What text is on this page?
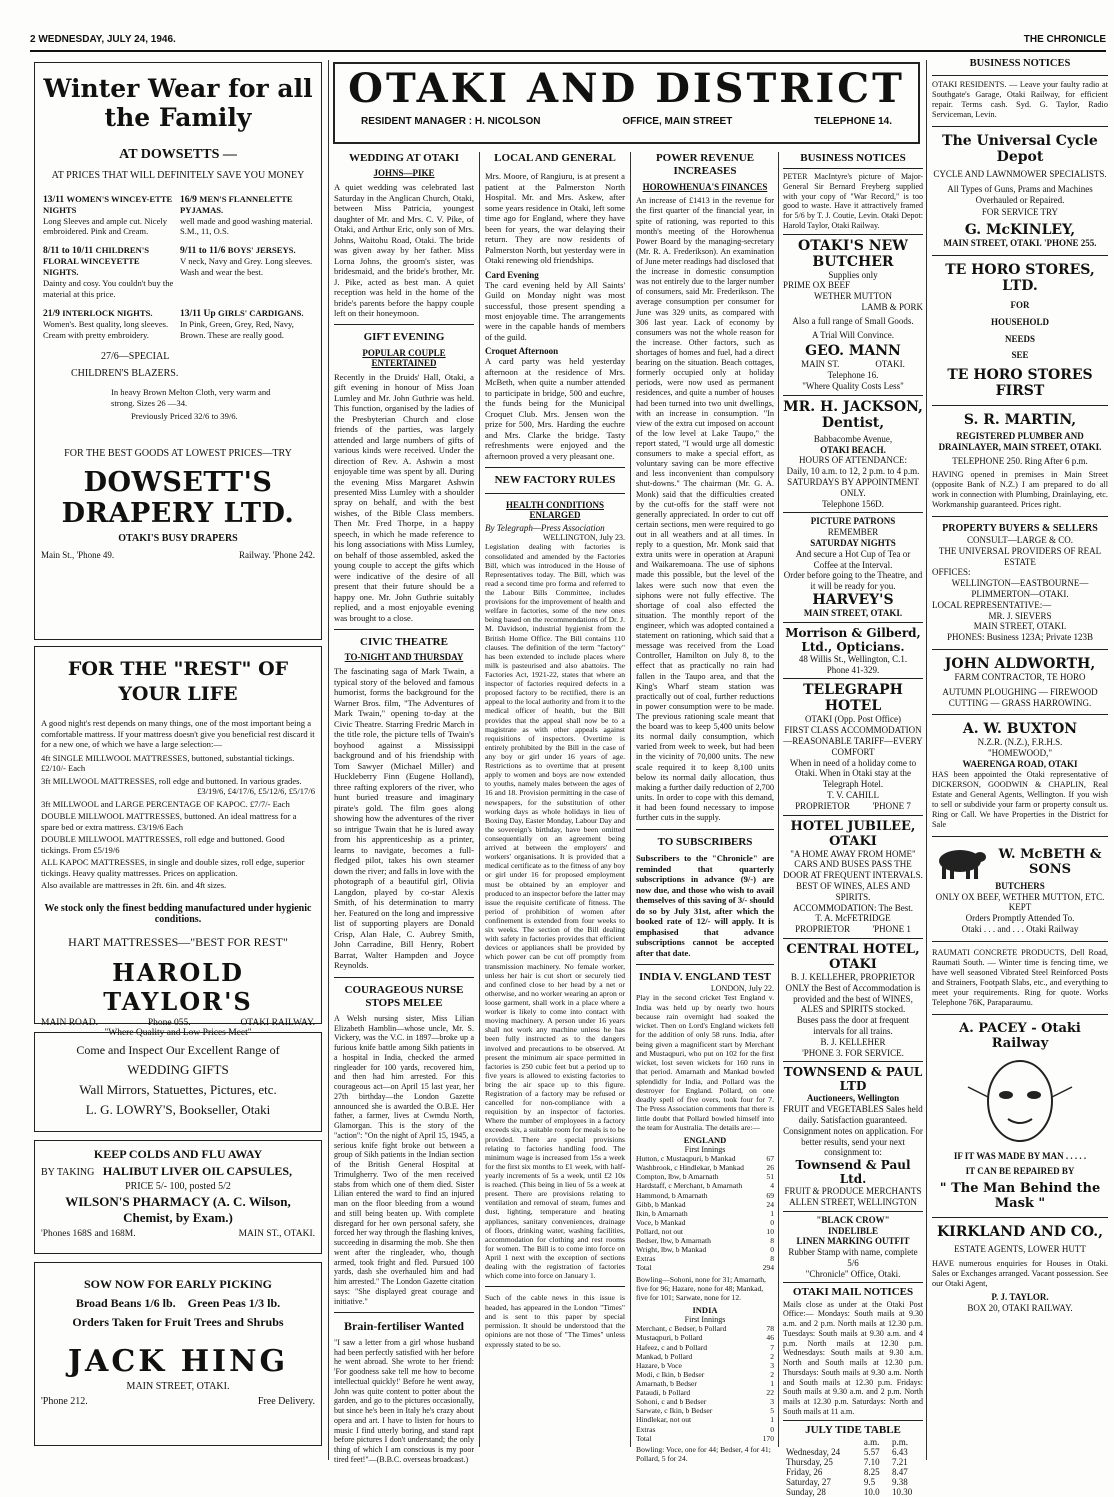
2 WEDNESDAY, JULY 24, 1946.	THE CHRONICLE
Winter Wear for all the Family
AT DOWSETTS —
AT PRICES THAT WILL DEFINITELY SAVE YOU MONEY
13/11 WOMEN'S WINCEY-ETTE NIGHTS
Long Sleeves and ample cut. Nicely embroidered. Pink and Cream.	16/9 MEN'S FLANNELETTE PYJAMAS.
well made and good washing material. S.M., 11, O.S.

8/11 to 10/11 CHILDREN'S FLORAL WINCEYETTE NIGHTS.
Dainty and cosy. You couldn't buy the material at this price.	9/11 to 11/6 BOYS' JERSEYS.
V neck, Navy and Grey. Long sleeves. Wash and wear the best.

21/9 INTERLOCK NIGHTS.
Women's. Best quality, long sleeves. Cream with pretty embroidery.	13/11 Up GIRLS' CARDIGANS.
In Pink, Green, Grey, Red, Navy, Brown. These are really good.
27/6—SPECIAL
CHILDREN'S BLAZERS.
In heavy Brown Melton Cloth, very warm and strong. Sizes 26 —34.
Previously Priced 32/6 to 39/6.
FOR THE BEST GOODS AT LOWEST PRICES—TRY
DOWSETT'S DRAPERY LTD.
OTAKI'S BUSY DRAPERS
Main St., 'Phone 49.	Railway. 'Phone 242.
FOR THE "REST" OF YOUR LIFE

A good night's rest depends on many things, one of the most important being a comfortable mattress. If your mattress doesn't give you beneficial rest discard it for a new one, of which we have a large selection:—

4ft SINGLE MILLWOOL MATTRESSES, buttoned, substantial tickings. £2/10/- Each

3ft MILLWOOL MATTRESSES, roll edge and buttoned. In various grades.

£3/19/6, £4/17/6, £5/12/6, £5/17/6

3ft MILLWOOL and LARGE PERCENTAGE OF KAPOC. £7/7/- Each

DOUBLE MILLWOOL MATTRESSES, buttoned. An ideal mattress for a spare bed or extra mattress. £3/19/6 Each

DOUBLE MILLWOOL MATTRESSES, roll edge and buttoned. Good tickings. From £5/19/6

ALL KAPOC MATTRESSES, in single and double sizes, roll edge, superior tickings. Heavy quality mattresses. Prices on application.

Also available are mattresses in 2ft. 6in. and 4ft sizes.

We stock only the finest bedding manufactured under hygienic conditions.
HART MATTRESSES—"BEST FOR REST"
HAROLD TAYLOR'S
MAIN ROAD.	Phone 055.	OTAKI RAILWAY.
"Where Quality and Low Prices Meet"
Come and Inspect Our Excellent Range of
WEDDING GIFTS
Wall Mirrors, Statuettes, Pictures, etc.
L. G. LOWRY'S, Bookseller, Otaki
KEEP COLDS AND FLU AWAY
BY TAKING HALIBUT LIVER OIL CAPSULES,
PRICE 5/- 100, posted 5/2
WILSON'S PHARMACY (A. C. Wilson, Chemist, by Exam.)
'Phones 168S and 168M.	MAIN ST., OTAKI.
SOW NOW FOR EARLY PICKING
Broad Beans 1/6 lb.    Green Peas 1/3 lb.
Orders Taken for Fruit Trees and Shrubs
JACK HING
MAIN STREET, OTAKI.
'Phone 212.	Free Delivery.
OTAKI AND DISTRICT
RESIDENT MANAGER : H. NICOLSON	OFFICE, MAIN STREET	TELEPHONE 14.
WEDDING AT OTAKI
JOHNS—PIKE

A quiet wedding was celebrated last Saturday in the Anglican Church, Otaki, between Miss Patricia, youngest daughter of Mr. and Mrs. C. V. Pike, of Otaki, and Arthur Eric, only son of Mrs. Johns, Waitohu Road, Otaki. The bride was given away by her father. Miss Lorna Johns, the groom's sister, was bridesmaid, and the bride's brother, Mr. J. Pike, acted as best man. A quiet reception was held in the home of the bride's parents before the happy couple left on their honeymoon.

GIFT EVENING
POPULAR COUPLE ENTERTAINED

Recently in the Druids' Hall, Otaki, a gift evening in honour of Miss Joan Lumley and Mr. John Guthrie was held. This function, organised by the ladies of the Presbyterian Church and close friends of the parties, was largely attended and large numbers of gifts of various kinds were received. Under the direction of Rev. A. Ashwin a most enjoyable time was spent by all. During the evening Miss Margaret Ashwin presented Miss Lumley with a shoulder spray on behalf, and with the best wishes, of the Bible Class members. Then Mr. Fred Thorpe, in a happy speech, in which he made reference to his long associations with Miss Lumley, on behalf of those assembled, asked the young couple to accept the gifts which were indicative of the desire of all present that their future should be a happy one. Mr. John Guthrie suitably replied, and a most enjoyable evening was brought to a close.

CIVIC THEATRE
TO-NIGHT AND THURSDAY

The fascinating saga of Mark Twain, a typical story of the beloved and famous humorist, forms the background for the Warner Bros. film, "The Adventures of Mark Twain," opening to-day at the Civic Theatre. Starring Fredric March in the title role, the picture tells of Twain's boyhood against a Mississippi background and of his friendship with Tom Sawyer (Michael Miller) and Huckleberry Finn (Eugene Holland), three rafting explorers of the river, who hunt buried treasure and imaginary pirate's gold. The film goes along showing how the adventures of the river so intrigue Twain that he is lured away from his apprenticeship as a printer, learns to navigate, becomes a full-fledged pilot, takes his own steamer down the river; and falls in love with the photograph of a beautiful girl, Olivia Langdon, played by co-star Alexis Smith, of his determination to marry her. Featured on the long and impressive list of supporting players are Donald Crisp, Alan Hale, C. Aubrey Smith, John Carradine, Bill Henry, Robert Barrat, Walter Hampden and Joyce Reynolds.

COURAGEOUS NURSE STOPS MELEE

A Welsh nursing sister, Miss Lilian Elizabeth Hamblin—whose uncle, Mr. S. Vickery, was the V.C. in 1897—broke up a furious knife battle among Sikh patients in a hospital in India, checked the armed ringleader for 100 yards, recovered him, and then had him arrested. For this courageous act—on April 15 last year, her 27th birthday—the London Gazette announced she is awarded the O.B.E. Her father, a farmer, lives at Cwmdu North, Glamorgan. This is the story of the "action": "On the night of April 15, 1945, a serious knife fight broke out between a group of Sikh patients in the Indian section of the British General Hospital at Trimulgherry. Two of the men received stabs from which one of them died. Sister Lilian entered the ward to find an injured man on the floor bleeding from a wound and still being beaten up. With complete disregard for her own personal safety, she forced her way through the flashing knives, succeeding in disarming the mob. She then went after the ringleader, who, though armed, took fright and fled. Pursued 100 yards, dash she overhauled him and had him arrested." The London Gazette citation says: "She displayed great courage and initiative."

Brain-fertiliser Wanted

"I saw a letter from a girl whose husband had been perfectly satisfied with her before he went abroad. She wrote to her friend: 'For goodness sake tell me how to become intellectual quickly!' Before he went away, John was quite content to potter about the garden, and go to the pictures occasionally, but since he's been in Italy he's crazy about opera and art. I have to listen for hours to music I find utterly boring, and stand rapt before pictures I don't understand; the only thing of which I am conscious is my poor tired feet!"—(B.B.C. overseas broadcast.)

LOCAL AND GENERAL

Mrs. Moore, of Rangiuru, is at present a patient at the Palmerston North Hospital. Mr. and Mrs. Askew, after some years residence in Otaki, left some time ago for England, where they have been for years, the war delaying their return. They are now residents of Palmerston North, but yesterday were in Otaki renewing old friendships.

Card Evening

The card evening held by All Saints' Guild on Monday night was most successful, those present spending a most enjoyable time. The arrangements were in the capable hands of members of the guild.

Croquet Afternoon

A card party was held yesterday afternoon at the residence of Mrs. McBeth, when quite a number attended to participate in bridge, 500 and euchre, the funds being for the Municipal Croquet Club. Mrs. Jensen won the prize for 500, Mrs. Harding the euchre and Mrs. Clarke the bridge. Tasty refreshments were enjoyed and the afternoon proved a very pleasant one.

NEW FACTORY RULES
HEALTH CONDITIONS ENLARGED
By Telegraph—Press Association
WELLINGTON, July 23.

Legislation dealing with factories is consolidated and amended by the Factories Bill, which was introduced in the House of Representatives today. The Bill, which was read a second time pro forma and referred to the Labour Bills Committee, includes provisions for the improvement of health and welfare in factories, some of the new ones being based on the recommendations of Dr. J. M. Davidson, industrial hygienist from the British Home Office. The Bill contains 110 clauses. The definition of the term "factory" has been extended to include places where milk is pasteurised and also abattoirs. The Factories Act, 1921-22, states that where an inspector of factories required defects in a proposed factory to be rectified, there is an appeal to the local authority and from it to the medical officer of health, but the Bill provides that the appeal shall now be to a magistrate as with other appeals against requisitions of inspectors. Overtime is entirely prohibited by the Bill in the case of any boy or girl under 16 years of age. Restrictions as to overtime that at present apply to women and boys are now extended to youths, namely males between the ages of 16 and 18. Provision permitting in the case of newspapers, for the substitution of other working days as whole holidays in lieu of Boxing Day, Easter Monday, Labour Day and the sovereign's birthday, have been omitted consequentially on an agreement being arrived at between the employers' and workers' organisations. It is provided that a medical certificate as to the fitness of any boy or girl under 16 for proposed employment must be obtained by an employer and produced to an inspector before the latter may issue the requisite certificate of fitness. The period of prohibition of women after confinement is extended from four weeks to six weeks. The section of the Bill dealing with safety in factories provides that efficient devices or appliances shall be provided by which power can be cut off promptly from transmission machinery. No female worker, unless her hair is cut short or securely tied and confined close to her head by a net or otherwise, and no worker wearing an apron or loose garment, shall work in a place where a worker is likely to come into contact with moving machinery. A person under 16 years shall not work any machine unless he has been fully instructed as to the dangers involved and precautions to be observed. At present the minimum air space permitted in factories is 250 cubic feet but a period up to five years is allowed to existing factories to bring the air space up to this figure. Registration of a factory may be refused or cancelled for non-compliance with a requisition by an inspector of factories. Where the number of employees in a factory exceeds six, a suitable room for meals is to be provided. There are special provisions relating to factories handling food. The minimum wage is increased from 15s a week for the first six months to £1 week, with half-yearly increments of 5s a week, until £2 10s is reached. (This being in lieu of 5s a week at present. There are provisions relating to ventilation and removal of steam, fumes and dust, lighting, temperature and heating appliances, sanitary conveniences, drainage of floors, drinking water, washing facilities, accommodation for clothing and rest rooms for women. The Bill is to come into force on April 1 next with the exception of sections dealing with the registration of factories which come into force on January 1.

Such of the cable news in this issue is headed, has appeared in the London "Times" and is sent to this paper by special permission. It should be understood that the opinions are not those of "The Times" unless expressly stated to be so.

POWER REVENUE INCREASES
HOROWHENUA'S FINANCES

An increase of £1413 in the revenue for the first quarter of the financial year, in spite of rationing, was reported to this month's meeting of the Horowhenua Power Board by the managing-secretary (Mr. R. A. Frederikson). An examination of June meter readings had disclosed that the increase in domestic consumption was not entirely due to the larger number of consumers, said Mr. Frederikson. The average consumption per consumer for June was 329 units, as compared with 306 last year. Lack of economy by consumers was not the whole reason for the increase. Other factors, such as shortages of homes and fuel, had a direct bearing on the situation. Beach cottages, formerly occupied only at holiday periods, were now used as permanent residences, and quite a number of houses had been turned into two unit dwellings, with an increase in consumption. "In view of the extra cut imposed on account of the low level at Lake Taupo," the report stated, "I would urge all domestic consumers to make a special effort, as voluntary saving can be more effective and less inconvenient than compulsory shut-downs." The chairman (Mr. G. A. Monk) said that the difficulties created by the cut-offs for the staff were not generally appreciated. In order to cut off certain sections, men were required to go out in all weathers and at all times. In reply to a question, Mr. Monk said that extra units were in operation at Arapuni and Waikaremoana. The use of siphons made this possible, but the level of the lakes were such now that even the siphons were not fully effective. The shortage of coal also effected the situation. The monthly report of the engineer, which was adopted contained a statement on rationing, which said that a message was received from the Load Controller, Hamilton on July 8, to the effect that as practically no rain had fallen in the Taupo area, and that the King's Wharf steam station was practically out of coal, further reductions in power consumption were to be made. The previous rationing scale meant that the board was to keep 5,400 units below its normal daily consumption, which varied from week to week, but had been in the vicinity of 70,000 units. The new scale required it to keep 8,100 units below its normal daily allocation, thus making a further daily reduction of 2,700 units. In order to cope with this demand, it had been found necessary to impose further cuts in the supply.

TO SUBSCRIBERS

Subscribers to the "Chronicle" are reminded that quarterly subscriptions in advance (9/-) are now due, and those who wish to avail themselves of this saving of 3/- should do so by July 31st, after which the booked rate of 12/- will apply. It is emphasised that advance subscriptions cannot be accepted after that date.

INDIA V. ENGLAND TEST
LONDON, July 22.

Play in the second cricket Test England v. India was held up by nearly two hours because rain overnight had soaked the wicket. Then on Lord's England wickets fell for the addition of only 58 runs. India, after being given a magnificent start by Merchant and Mustaqpuri, who put on 102 for the first wicket, lost seven wickets for 160 runs in that period. Amarnath and Mankad bowled splendidly for India, and Pollard was the destroyer for England. Pollard, on one deadly spell of five overs, took four for 7. The Press Association comments that there is little doubt that Pollard bowled himself into the team for Australia. The details are:—

ENGLAND
First Innings
Hutton, c Mustaqpuri, b Mankad	67
Washbrook, c Hindlekar, b Mankad	26
Compton, lbw, b Amarnath	51
Hardstaff, c Merchant, b Amarnath	4
Hammond, b Amarnath	69
Gibb, b Mankad	24
Ikin, b Amarnath	1
Voce, b Mankad	0
Pollard, not out	10
Bedser, lbw, b Amarnath	8
Wright, lbw, b Mankad	0
Extras	8
Total	294

Bowling—Sohoni, none for 31; Amarnath, five for 96; Hazare, none for 48; Mankad, five for 101; Sarwate, none for 12.

INDIA
First Innings
Merchant, c Bedser, b Pollard	78
Mustaqpuri, b Pollard	46
Hafeez, c and b Pollard	7
Mankad, b Pollard	2
Hazare, b Voce	3
Modi, c Ikin, b Bedser	2
Amarnath, b Bedser	1
Pataudi, b Pollard	22
Sohoni, c and b Bedser	3
Sarwate, c Ikin, b Bedser	5
Hindlekar, not out	1
Extras	0
Total	170

Bowling: Voce, one for 44; Bedser, 4 for 41; Pollard, 5 for 24.

BUSINESS NOTICES

PETER MacIntyre's picture of Major-General Sir Bernard Freyberg supplied with your copy of "War Record," is too good to waste. Have it attractively framed for 5/6 by T. J. Coutie, Levin. Otaki Depot: Harold Taylor, Otaki Railway.

OTAKI'S NEW BUTCHER
Supplies only
PRIME OX BEEF
WETHER MUTTON
LAMB & PORK
Also a full range of Small Goods.
A Trial Will Convince.
GEO. MANN
MAIN ST.                OTAKI.
Telephone 16.
"Where Quality Costs Less"
MR. H. JACKSON, Dentist,
Babbacombe Avenue,
OTAKI BEACH.
HOURS OF ATTENDANCE:
Daily, 10 a.m. to 12, 2 p.m. to 4 p.m.
SATURDAYS BY APPOINTMENT ONLY.
Telephone 156D.
PICTURE PATRONS
REMEMBER
SATURDAY NIGHTS
And secure a Hot Cup of Tea or Coffee at the Interval.
Order before going to the Theatre, and it will be ready for you.
HARVEY'S
MAIN STREET, OTAKI.
Morrison & Gilberd, Ltd., Opticians.
48 Willis St., Wellington, C.1.
Phone 41-329.
TELEGRAPH HOTEL
OTAKI (Opp. Post Office)
FIRST CLASS ACCOMMODATION—REASONABLE TARIFF—EVERY COMFORT
When in need of a holiday come to Otaki. When in Otaki stay at the Telegraph Hotel.
T. V. CAHILL
PROPRIETOR          'PHONE 7
HOTEL JUBILEE, OTAKI
"A HOME AWAY FROM HOME"
CARS AND BUSES PASS THE DOOR AT FREQUENT INTERVALS.
BEST OF WINES, ALES AND SPIRITS.
ACCOMMODATION: The Best.
T. A. McFETRIDGE
PROPRIETOR          'PHONE 1
CENTRAL HOTEL, OTAKI
B. J. KELLEHER, PROPRIETOR
ONLY the Best of Accommodation is provided and the best of WINES, ALES and SPIRITS stocked.
Buses pass the door at frequent intervals for all trains.
B. J. KELLEHER
'PHONE 3. FOR SERVICE.
TOWNSEND & PAUL LTD
Auctioneers, Wellington
FRUIT and VEGETABLES Sales held daily. Satisfaction guaranteed. Consignment notes on application. For better results, send your next consignment to:
Townsend & Paul Ltd.
FRUIT & PRODUCE MERCHANTS ALLEN STREET, WELLINGTON
"BLACK CROW"
INDELIBLE
LINEN MARKING OUTFIT
Rubber Stamp with name, complete
5/6
"Chronicle" Office, Otaki.
OTAKI MAIL NOTICES

Mails close as under at the Otaki Post Office:— Mondays: South mails at 9.30 a.m. and 2 p.m. North mails at 12.30 p.m. Tuesdays: South mails at 9.30 a.m. and 4 p.m. North mails at 12.30 p.m. Wednesdays: South mails at 9.30 a.m. North and South mails at 12.30 p.m. Thursdays: South mails at 9.30 a.m. North and South mails at 12.30 p.m. Fridays: South mails at 9.30 a.m. and 2 p.m. North mails at 12.30 p.m. Saturdays: North and South mails at 11 a.m.

JULY TIDE TABLE
	a.m.	p.m.
Wednesday, 24	5.57	6.43
Thursday, 25	7.10	7.21
Friday, 26	8.25	8.47
Saturday, 27	9.5	9.38
Sunday, 28	10.0	10.30
BUSINESS NOTICES

OTAKI RESIDENTS. — Leave your faulty radio at Southgate's Garage, Otaki Railway, for efficient repair. Terms cash. Syd. G. Taylor, Radio Serviceman, Levin.

The Universal Cycle Depot
CYCLE AND LAWNMOWER SPECIALISTS.
All Types of Guns, Prams and Machines Overhauled or Repaired.
FOR SERVICE TRY
G. McKINLEY,
MAIN STREET, OTAKI. 'PHONE 255.
TE HORO STORES, LTD.
FOR
HOUSEHOLD
NEEDS
SEE
TE HORO STORES FIRST
S. R. MARTIN,
REGISTERED PLUMBER AND DRAINLAYER, MAIN STREET, OTAKI.
TELEPHONE 250. Ring After 6 p.m.

HAVING opened in premises in Main Street (opposite Bank of N.Z.) I am prepared to do all work in connection with Plumbing, Drainlaying, etc. Workmanship guaranteed. Prices right.

PROPERTY BUYERS & SELLERS
CONSULT—LARGE & CO.
THE UNIVERSAL PROVIDERS OF REAL ESTATE
OFFICES:
WELLINGTON—EASTBOURNE—PLIMMERTON—OTAKI.
LOCAL REPRESENTATIVE:—
MR. J. SIEVERS
MAIN STREET, OTAKI.
PHONES: Business 123A; Private 123B
JOHN ALDWORTH,
FARM CONTRACTOR, TE HORO
AUTUMN PLOUGHING — FIREWOOD CUTTING — GRASS HARROWING.
A. W. BUXTON
N.Z.R. (N.Z.), F.R.H.S.
"HOMEWOOD,"
WAERENGA ROAD, OTAKI

HAS been appointed the Otaki representative of DICKERSON, GOODWIN & CHAPLIN, Real Estate and General Agents, Wellington. If you wish to sell or subdivide your farm or property consult us. Ring or Call. We have Properties in the District for Sale

W. McBETH & SONS
BUTCHERS
ONLY OX BEEF, WETHER MUTTON, ETC. KEPT
Orders Promptly Attended To.
Otaki . . . and . . . Otaki Railway

RAUMATI CONCRETE PRODUCTS, Dell Road, Raumati South. — Winter time is fencing time, we have well seasoned Vibrated Steel Reinforced Posts and Strainers, Footpath Slabs, etc., and everything to meet your requirements. Ring for quote. Works Telephone 76K, Paraparaumu.

A. PACEY - Otaki Railway
IF IT WAS MADE BY MAN . . . . .
IT CAN BE REPAIRED BY
" The Man Behind the Mask "
KIRKLAND AND CO.,
ESTATE AGENTS, LOWER HUTT

HAVE numerous enquiries for Houses in Otaki. Sales or Exchanges arranged. Vacant possession. See our Otaki Agent,

P. J. TAYLOR.
BOX 20, OTAKI RAILWAY.
